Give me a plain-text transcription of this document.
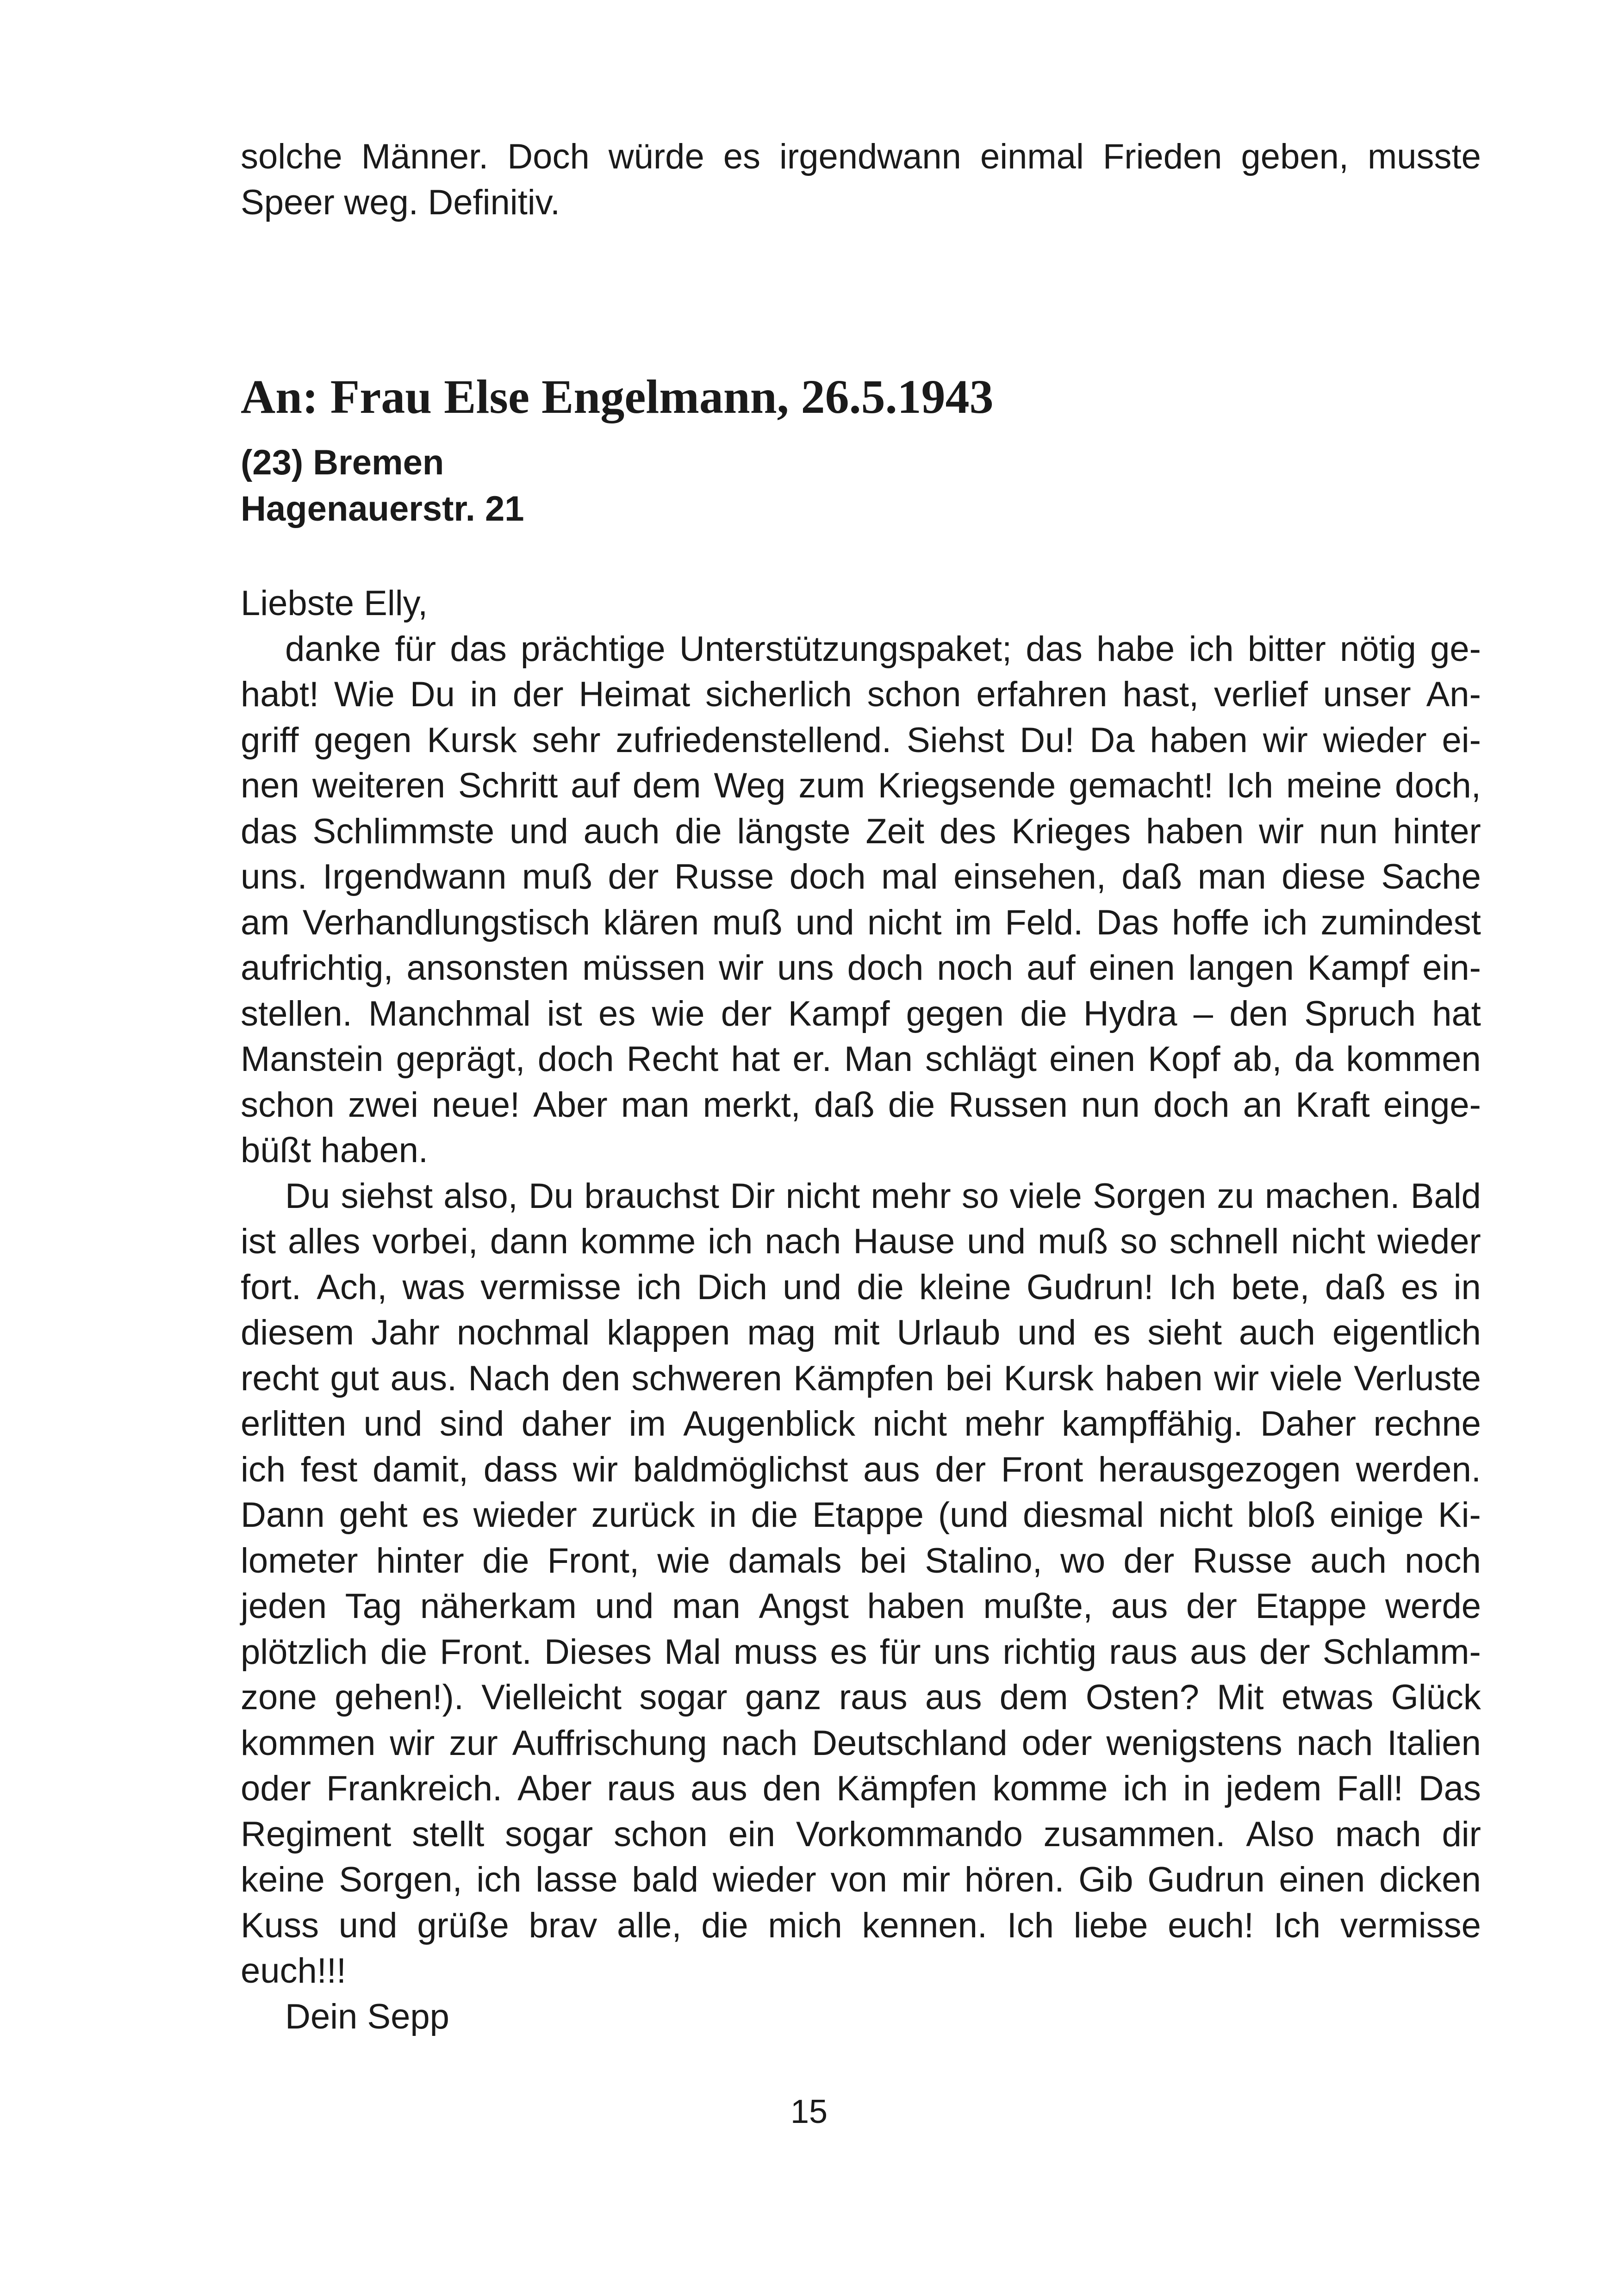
solche Männer. Doch würde es irgendwann einmal Frieden geben, musste
Speer weg. Definitiv.
An: Frau Else Engelmann, 26.5.1943
(23) Bremen
Hagenauerstr. 21
Liebste Elly,
danke für das prächtige Unterstützungspaket; das habe ich bitter nötig ge-
habt! Wie Du in der Heimat sicherlich schon erfahren hast, verlief unser An-
griff gegen Kursk sehr zufriedenstellend. Siehst Du! Da haben wir wieder ei-
nen weiteren Schritt auf dem Weg zum Kriegsende gemacht! Ich meine doch,
das Schlimmste und auch die längste Zeit des Krieges haben wir nun hinter
uns. Irgendwann muß der Russe doch mal einsehen, daß man diese Sache
am Verhandlungstisch klären muß und nicht im Feld. Das hoffe ich zumindest
aufrichtig, ansonsten müssen wir uns doch noch auf einen langen Kampf ein-
stellen. Manchmal ist es wie der Kampf gegen die Hydra – den Spruch hat
Manstein geprägt, doch Recht hat er. Man schlägt einen Kopf ab, da kommen
schon zwei neue! Aber man merkt, daß die Russen nun doch an Kraft einge-
büßt haben.
Du siehst also, Du brauchst Dir nicht mehr so viele Sorgen zu machen. Bald
ist alles vorbei, dann komme ich nach Hause und muß so schnell nicht wieder
fort. Ach, was vermisse ich Dich und die kleine Gudrun! Ich bete, daß es in
diesem Jahr nochmal klappen mag mit Urlaub und es sieht auch eigentlich
recht gut aus. Nach den schweren Kämpfen bei Kursk haben wir viele Verluste
erlitten und sind daher im Augenblick nicht mehr kampffähig. Daher rechne
ich fest damit, dass wir baldmöglichst aus der Front herausgezogen werden.
Dann geht es wieder zurück in die Etappe (und diesmal nicht bloß einige Ki-
lometer hinter die Front, wie damals bei Stalino, wo der Russe auch noch
jeden Tag näherkam und man Angst haben mußte, aus der Etappe werde
plötzlich die Front. Dieses Mal muss es für uns richtig raus aus der Schlamm-
zone gehen!). Vielleicht sogar ganz raus aus dem Osten? Mit etwas Glück
kommen wir zur Auffrischung nach Deutschland oder wenigstens nach Italien
oder Frankreich. Aber raus aus den Kämpfen komme ich in jedem Fall! Das
Regiment stellt sogar schon ein Vorkommando zusammen. Also mach dir
keine Sorgen, ich lasse bald wieder von mir hören. Gib Gudrun einen dicken
Kuss und grüße brav alle, die mich kennen. Ich liebe euch! Ich vermisse
euch!!!
Dein Sepp
15
